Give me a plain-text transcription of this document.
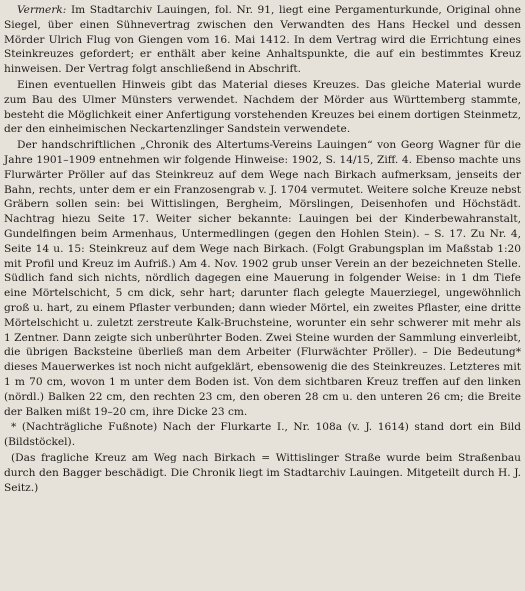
Vermerk: Im Stadtarchiv Lauingen, fol. Nr. 91, liegt eine Pergamenturkunde, Original ohne Siegel, über einen Sühnevertrag zwischen den Verwandten des Hans Heckel und dessen Mörder Ulrich Flug von Giengen vom 16. Mai 1412. In dem Vertrag wird die Errichtung eines Steinkreuzes gefordert; er enthält aber keine Anhaltspunkte, die auf ein bestimmtes Kreuz hinweisen. Der Vertrag folgt anschließend in Abschrift.

Einen eventuellen Hinweis gibt das Material dieses Kreuzes. Das gleiche Material wurde zum Bau des Ulmer Münsters verwendet. Nachdem der Mörder aus Württemberg stammte, besteht die Möglichkeit einer Anfertigung vorstehenden Kreuzes bei einem dortigen Steinmetz, der den einheimischen Neckartenzlinger Sandstein verwendete.

Der handschriftlichen „Chronik des Altertums-Vereins Lauingen“ von Georg Wagner für die Jahre 1901–1909 entnehmen wir folgende Hinweise: 1902, S. 14/15, Ziff. 4. Ebenso machte uns Flurwärter Pröller auf das Steinkreuz auf dem Wege nach Birkach aufmerksam, jenseits der Bahn, rechts, unter dem er ein Franzosengrab v. J. 1704 vermutet. Weitere solche Kreuze nebst Gräbern sollen sein: bei Wittislingen, Bergheim, Mörslingen, Deisenhofen und Höchstädt. Nachtrag hiezu Seite 17. Weiter sicher bekannte: Lauingen bei der Kinderbewahranstalt, Gundelfingen beim Armenhaus, Untermedlingen (gegen den Hohlen Stein). – S. 17. Zu Nr. 4, Seite 14 u. 15: Steinkreuz auf dem Wege nach Birkach. (Folgt Grabungsplan im Maßstab 1:20 mit Profil und Kreuz im Aufriß.) Am 4. Nov. 1902 grub unser Verein an der bezeichneten Stelle. Südlich fand sich nichts, nördlich dagegen eine Mauerung in folgender Weise: in 1 dm Tiefe eine Mörtelschicht, 5 cm dick, sehr hart; darunter flach gelegte Mauerziegel, ungewöhnlich groß u. hart, zu einem Pflaster verbunden; dann wieder Mörtel, ein zweites Pflaster, eine dritte Mörtelschicht u. zuletzt zerstreute Kalk-Bruchsteine, worunter ein sehr schwerer mit mehr als 1 Zentner. Dann zeigte sich unberührter Boden. Zwei Steine wurden der Sammlung einverleibt, die übrigen Backsteine überließ man dem Arbeiter (Flurwächter Pröller). – Die Bedeutung* dieses Mauerwerkes ist noch nicht aufgeklärt, ebensowenig die des Steinkreuzes. Letzteres mit 1 m 70 cm, wovon 1 m unter dem Boden ist. Von dem sichtbaren Kreuz treffen auf den linken (nördl.) Balken 22 cm, den rechten 23 cm, den oberen 28 cm u. den unteren 26 cm; die Breite der Balken mißt 19–20 cm, ihre Dicke 23 cm.

* (Nachträgliche Fußnote) Nach der Flurkarte I., Nr. 108a (v. J. 1614) stand dort ein Bild (Bildstöckel).

(Das fragliche Kreuz am Weg nach Birkach = Wittislinger Straße wurde beim Straßenbau durch den Bagger beschädigt. Die Chronik liegt im Stadtarchiv Lauingen. Mitgeteilt durch H. J. Seitz.)
